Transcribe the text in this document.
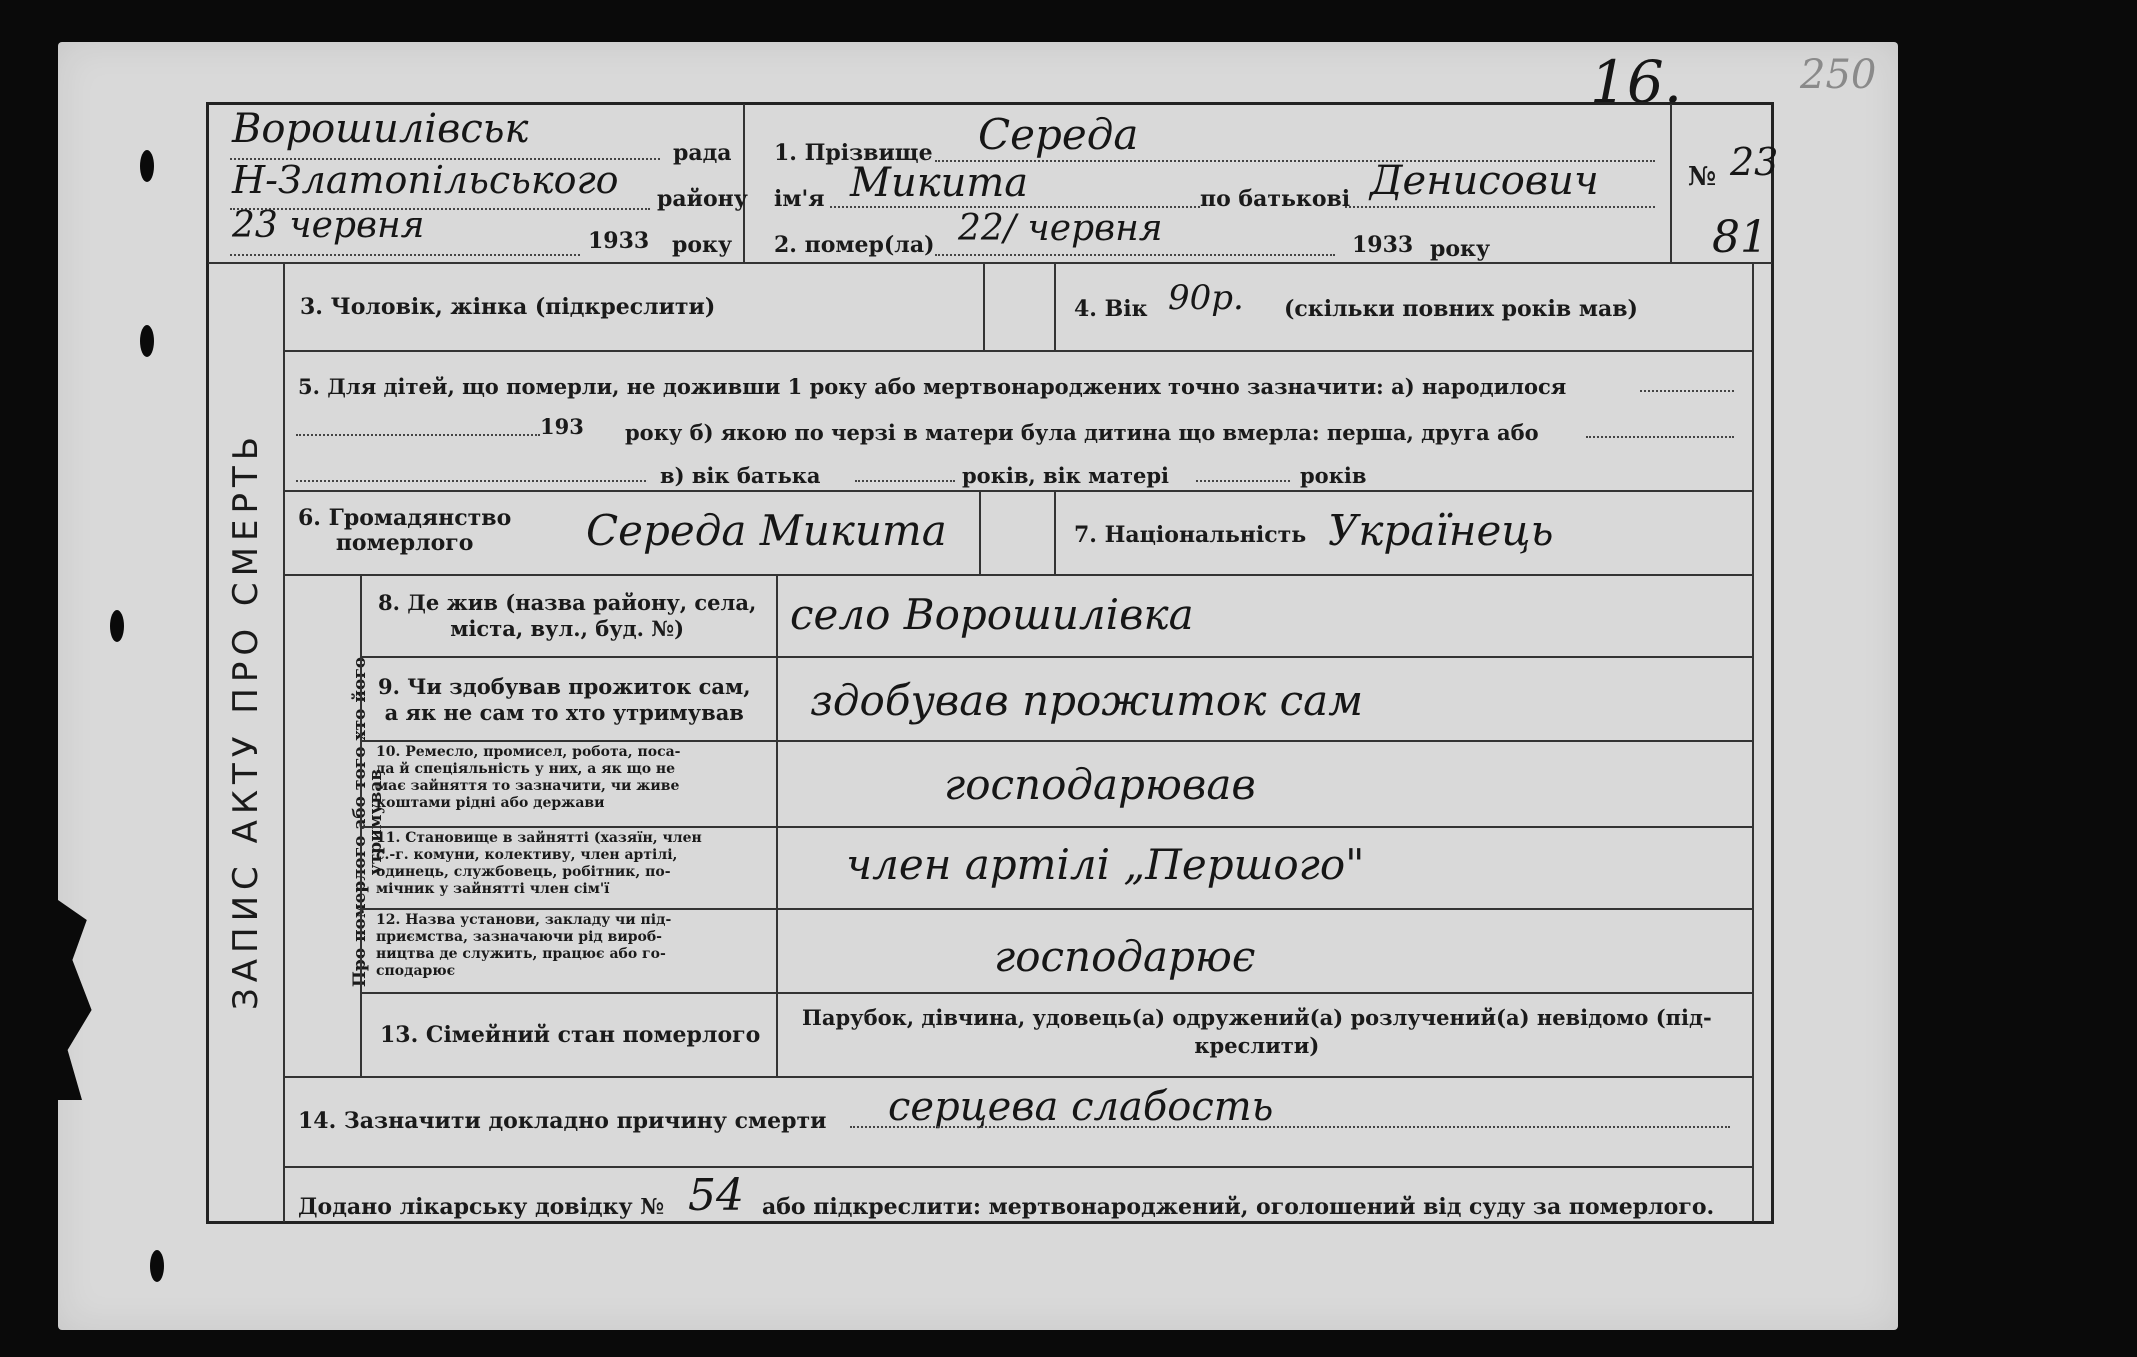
16.	250
Ворошилівськ
рада
Н-Златопільського району
23 червня	1933 року
1. Прізвище Середа
ім'я Микита	по батькові Денисович
2. помер(ла) 22/ червня	1933 року
№ 23
81
ЗАПИС АКТУ ПРО СМЕРТЬ	Про померлого або того хто його
утримував
3. Чоловік, жінка (підкреслити)	4. Вік 90р. (скільки повних років мав)
5. Для дітей, що померли, не доживши 1 року або мертвонароджених точно зазначити: а) народилося
193 року б) якою по черзі в матери була дитина що вмерла: перша, друга або
в) вік батька	років, вік матері	років
6. Громадянство
померлого	Середа Микита	7. Національність Українець
8. Де жив (назва району, села,
міста, вул., буд. №)	село Ворошилівка
9. Чи здобував прожиток сам,
а як не сам то хто утримував здобував прожиток сам
10. Ремесло, промисел, робота, поса-
да й спеціяльність у них, а як що не
має зайняття то зазначити, чи живе
коштами рідні або держави	господарював
11. Становище в зайнятті (хазяїн, член
с.-г. комуни, колективу, член артілі,
одинець, службовець, робітник, по-
мічник у зайнятті член сім'ї	член артілі „Першого"
12. Назва установи, закладу чи під-
приємства, зазначаючи рід вироб-
ництва де служить, працює або го-
сподарює	господарює
13. Сімейний стан померлого
Парубок, дівчина, удовець(а) одружений(а) розлучений(а) невідомо (під-
креслити)
14. Зазначити докладно причину смерти серцева слабость
Додано лікарську довідку № 54 або підкреслити: мертвонароджений, оголошений від суду за померлого.
